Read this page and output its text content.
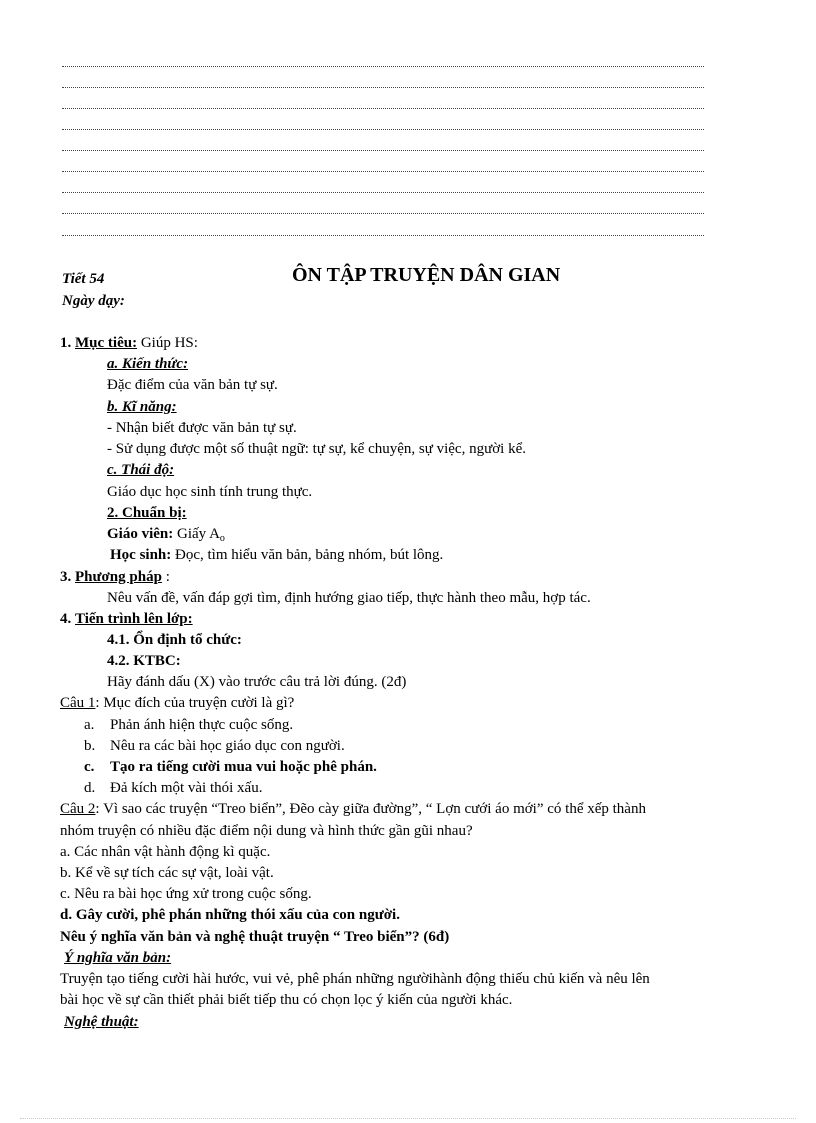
Tiết 54	ÔN TẬP TRUYỆN DÂN GIAN
Ngày dạy:
1. Mục tiêu: Giúp HS:
a. Kiến thức:
Đặc điểm của văn bản tự sự.
b. Kĩ năng:
- Nhận biết được văn bản tự sự.
- Sử dụng được một số thuật ngữ: tự sự, kể chuyện, sự việc, người kể.
c. Thái độ:
Giáo dục học sinh tính trung thực.
2. Chuẩn bị:
Giáo viên: Giấy $A_o$
Học sinh: Đọc, tìm hiểu văn bản, bảng nhóm, bút lông.
3. Phương pháp :
Nêu vấn đề, vấn đáp gợi tìm, định hướng giao tiếp, thực hành theo mẫu, hợp tác.
4. Tiến trình lên lớp:
4.1. Ổn định tổ chức:
4.2. KTBC:
Hãy đánh dấu (X) vào trước câu trả lời đúng. (2đ)
Câu 1: Mục đích của truyện cười là gì?
a. Phản ánh hiện thực cuộc sống.
b. Nêu ra các bài học giáo dục con người.
c. Tạo ra tiếng cười mua vui hoặc phê phán.
d. Đả kích một vài thói xấu.
Câu 2: Vì sao các truyện “Treo biển”, Đẽo cày giữa đường”, “ Lợn cưới áo mới” có thể xếp thành
nhóm truyện có nhiều đặc điểm nội dung và hình thức gần gũi nhau?
a. Các nhân vật hành động kì quặc.
b. Kể về sự tích các sự vật, loài vật.
c. Nêu ra bài học ứng xử trong cuộc sống.
d. Gây cười, phê phán những thói xấu của con người.
Nêu ý nghĩa văn bản và nghệ thuật truyện “ Treo biển”? (6đ)
Ý nghĩa văn bản:
Truyện tạo tiếng cười hài hước, vui vẻ, phê phán những ngườihành động thiếu chủ kiến và nêu lên
bài học về sự cần thiết phải biết tiếp thu có chọn lọc ý kiến của người khác.
Nghệ thuật:
